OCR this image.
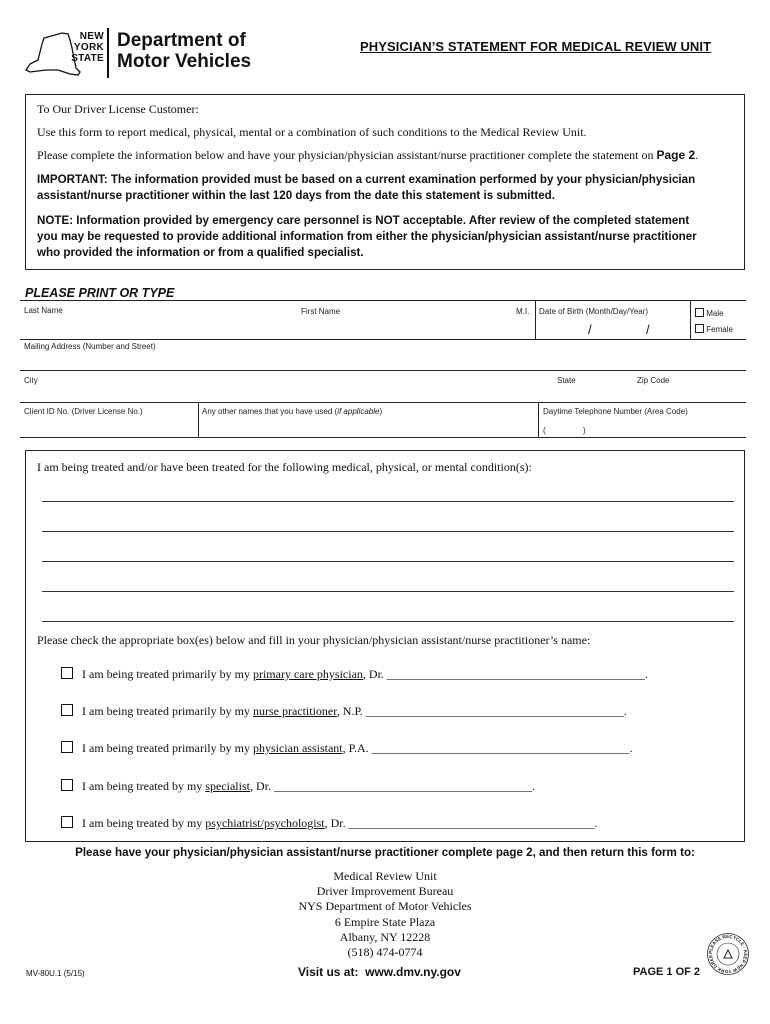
NEW
YORK
STATE
Department of
Motor Vehicles
PHYSICIAN’S STATEMENT FOR MEDICAL REVIEW UNIT
To Our Driver License Customer:
Use this form to report medical, physical, mental or a combination of such conditions to the Medical Review Unit.
Please complete the information below and have your physician/physician assistant/nurse practitioner complete the statement on Page 2.
IMPORTANT: The information provided must be based on a current examination performed by your physician/physician
assistant/nurse practitioner within the last 120 days from the date this statement is submitted.
NOTE: Information provided by emergency care personnel is NOT acceptable. After review of the completed statement
you may be requested to provide additional information from either the physician/physician assistant/nurse practitioner
who provided the information or from a qualified specialist.
PLEASE PRINT OR TYPE
Last Name	First Name	M.I. Date of Birth (Month/Day/Year)
/	/
Male
Female
Mailing Address (Number and Street)
City	State	Zip Code
Client ID No. (Driver License No.)	Any other names that you have used (if applicable)	Daytime Telephone Number (Area Code)
(	)
I am being treated and/or have been treated for the following medical, physical, or mental condition(s):
Please check the appropriate box(es) below and fill in your physician/physician assistant/nurse practitioner’s name:
I am being treated primarily by my primary care physician, Dr. ___________________________________________.
I am being treated primarily by my nurse practitioner, N.P. ___________________________________________.
I am being treated primarily by my physician assistant, P.A. ___________________________________________.
I am being treated by my specialist, Dr. ___________________________________________.
I am being treated by my psychiatrist/psychologist, Dr. _________________________________________.
Please have your physician/physician assistant/nurse practitioner complete page 2, and then return this form to:
Medical Review Unit
Driver Improvement Bureau
NYS Department of Motor Vehicles
6 Empire State Plaza
Albany, NY 12228
(518) 474-0774
MV-80U.1 (5/15)	Visit us at: www.dmv.ny.gov	PAGE 1 OF 2
PLEASE RECYCLE · KEEP NEW YORK GREE
